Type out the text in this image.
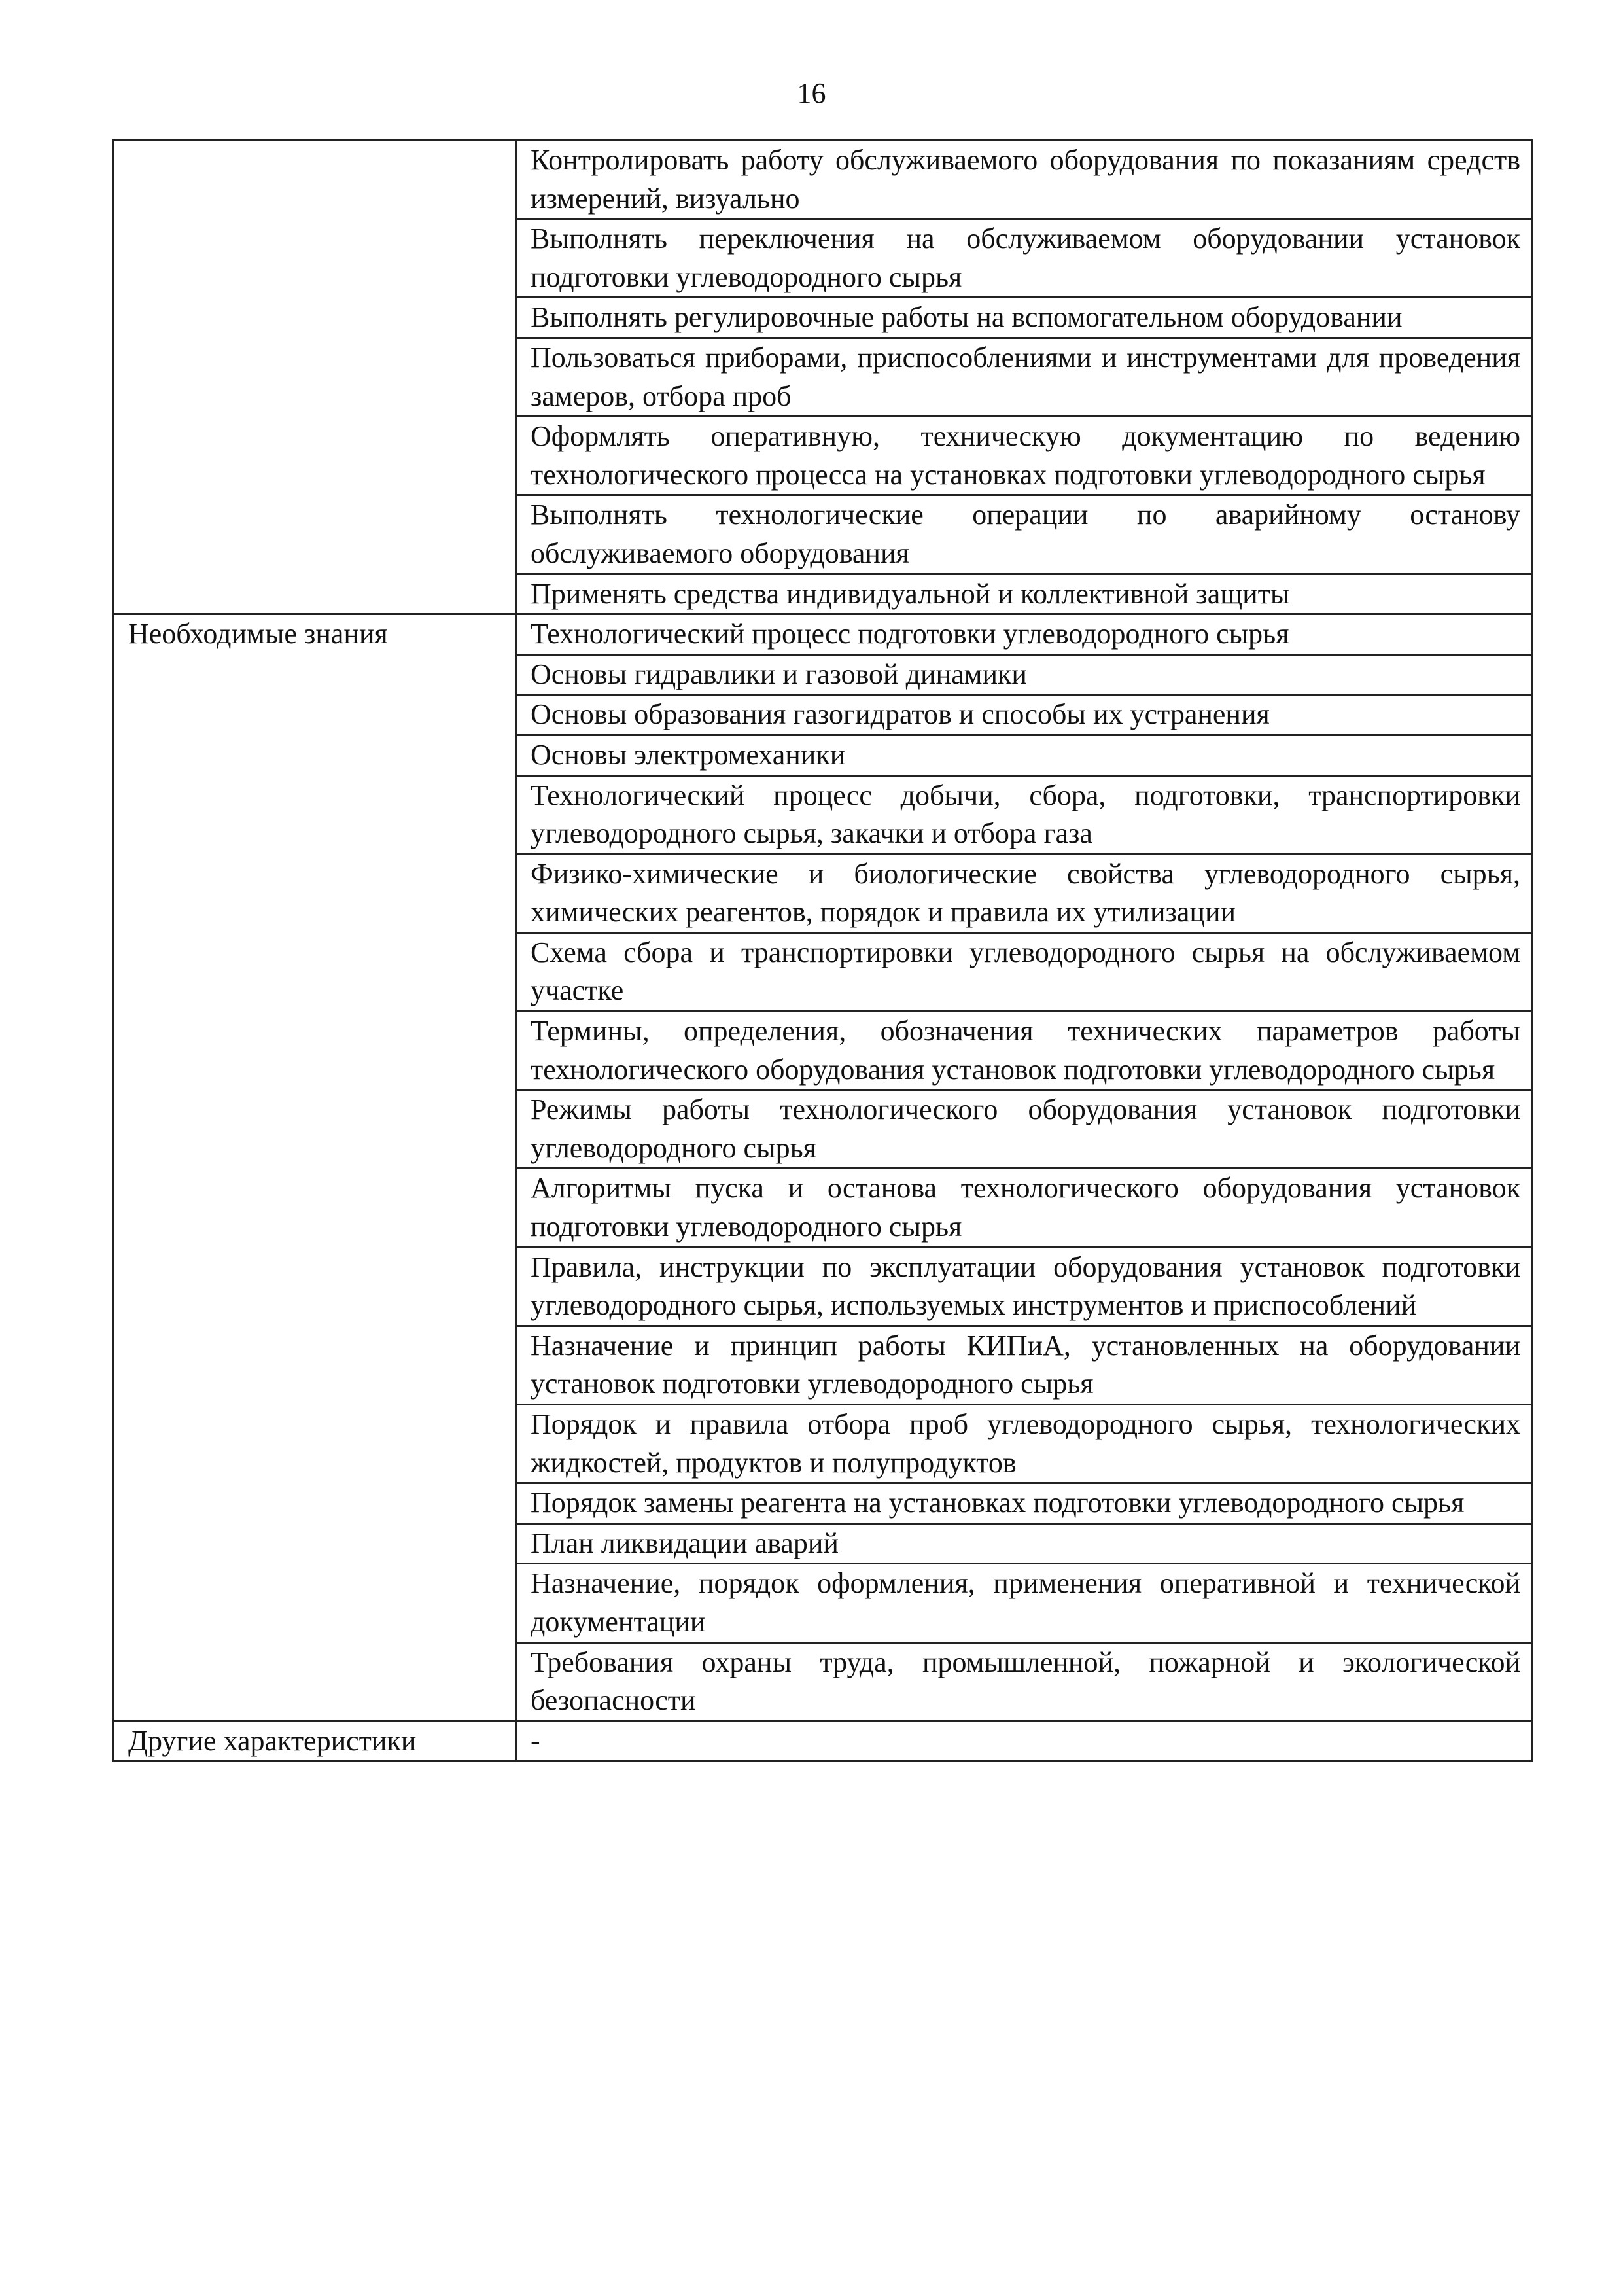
16
	Контролировать работу обслуживаемого оборудования по показаниям средств измерений, визуально
	Выполнять переключения на обслуживаемом оборудовании установок подготовки углеводородного сырья
	Выполнять регулировочные работы на вспомогательном оборудовании
	Пользоваться приборами, приспособлениями и инструментами для проведения замеров, отбора проб
	Оформлять оперативную, техническую документацию по ведению технологического процесса на установках подготовки углеводородного сырья
	Выполнять технологические операции по аварийному останову обслуживаемого оборудования
	Применять средства индивидуальной и коллективной защиты

Необходимые знания	Технологический процесс подготовки углеводородного сырья
	Основы гидравлики и газовой динамики
	Основы образования газогидратов и способы их устранения
	Основы электромеханики
	Технологический процесс добычи, сбора, подготовки, транспортировки углеводородного сырья, закачки и отбора газа
	Физико-химические и биологические свойства углеводородного сырья, химических реагентов, порядок и правила их утилизации
	Схема сбора и транспортировки углеводородного сырья на обслуживаемом участке
	Термины, определения, обозначения технических параметров работы технологического оборудования установок подготовки углеводородного сырья
	Режимы работы технологического оборудования установок подготовки углеводородного сырья
	Алгоритмы пуска и останова технологического оборудования установок подготовки углеводородного сырья
	Правила, инструкции по эксплуатации оборудования установок подготовки углеводородного сырья, используемых инструментов и приспособлений
	Назначение и принцип работы КИПиА, установленных на оборудовании установок подготовки углеводородного сырья
	Порядок и правила отбора проб углеводородного сырья, технологических жидкостей, продуктов и полупродуктов
	Порядок замены реагента на установках подготовки углеводородного сырья
	План ликвидации аварий
	Назначение, порядок оформления, применения оперативной и технической документации
	Требования охраны труда, промышленной, пожарной и экологической безопасности

Другие характеристики	-
